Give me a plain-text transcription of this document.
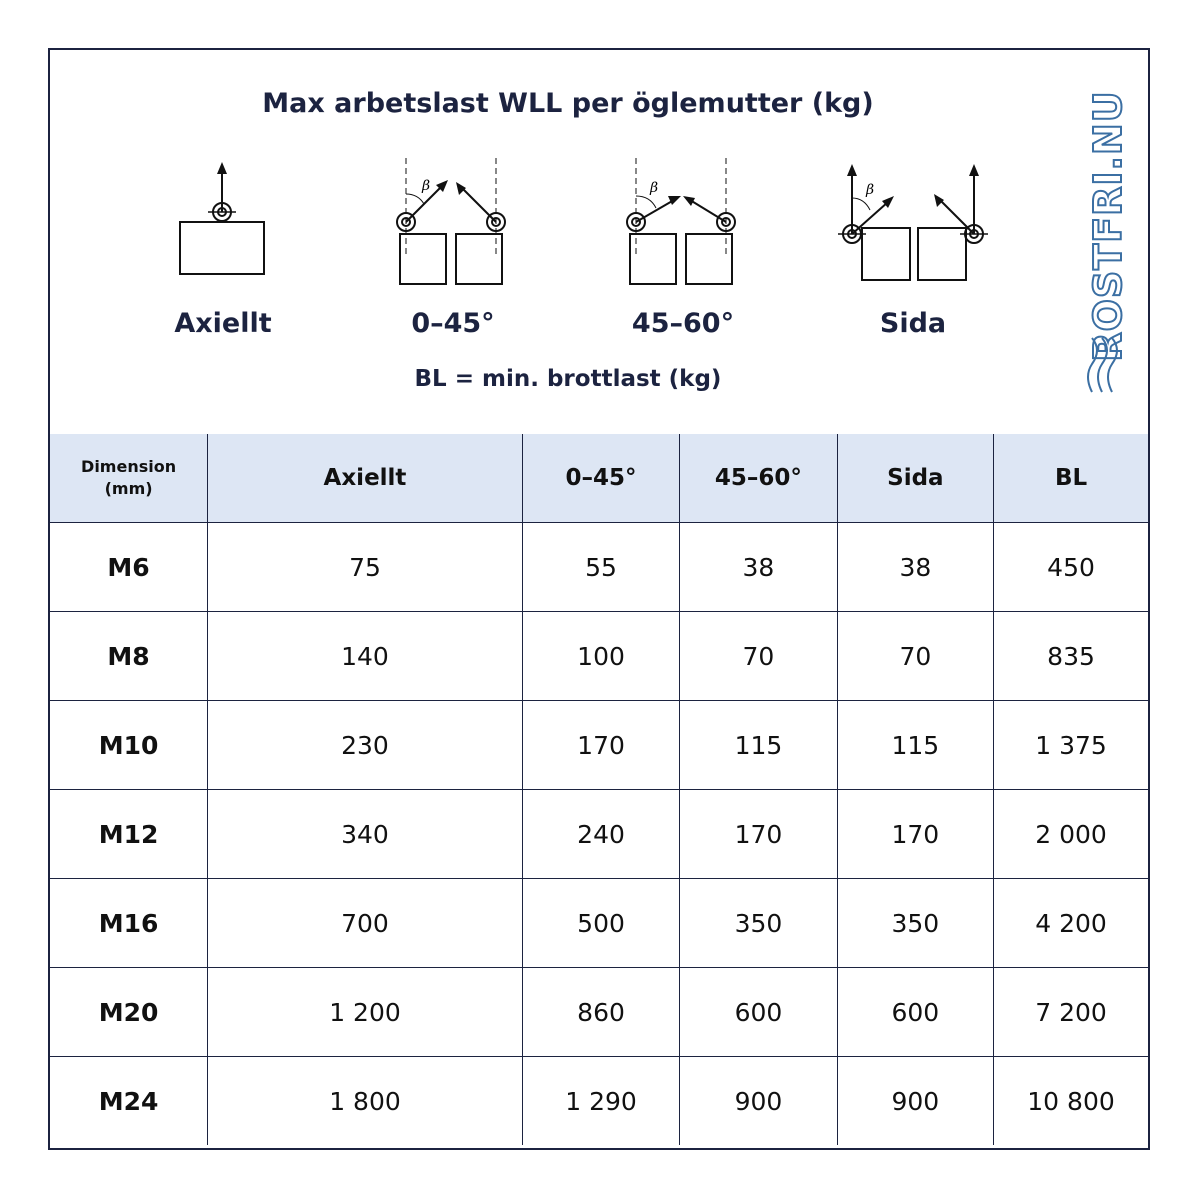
Max arbetslast WLL per öglemutter (kg)
Axiellt
β
0–45°
β
45–60°
β
Sida
BL = min. brottlast (kg)
ROSTFRI.NU
Dimension
(mm)	Axiellt	0–45°	45–60°	Sida	BL
M6	75	55	38	38	450
M8	140	100	70	70	835
M10	230	170	115	115	1 375
M12	340	240	170	170	2 000
M16	700	500	350	350	4 200
M20	1 200	860	600	600	7 200
M24	1 800	1 290	900	900	10 800
